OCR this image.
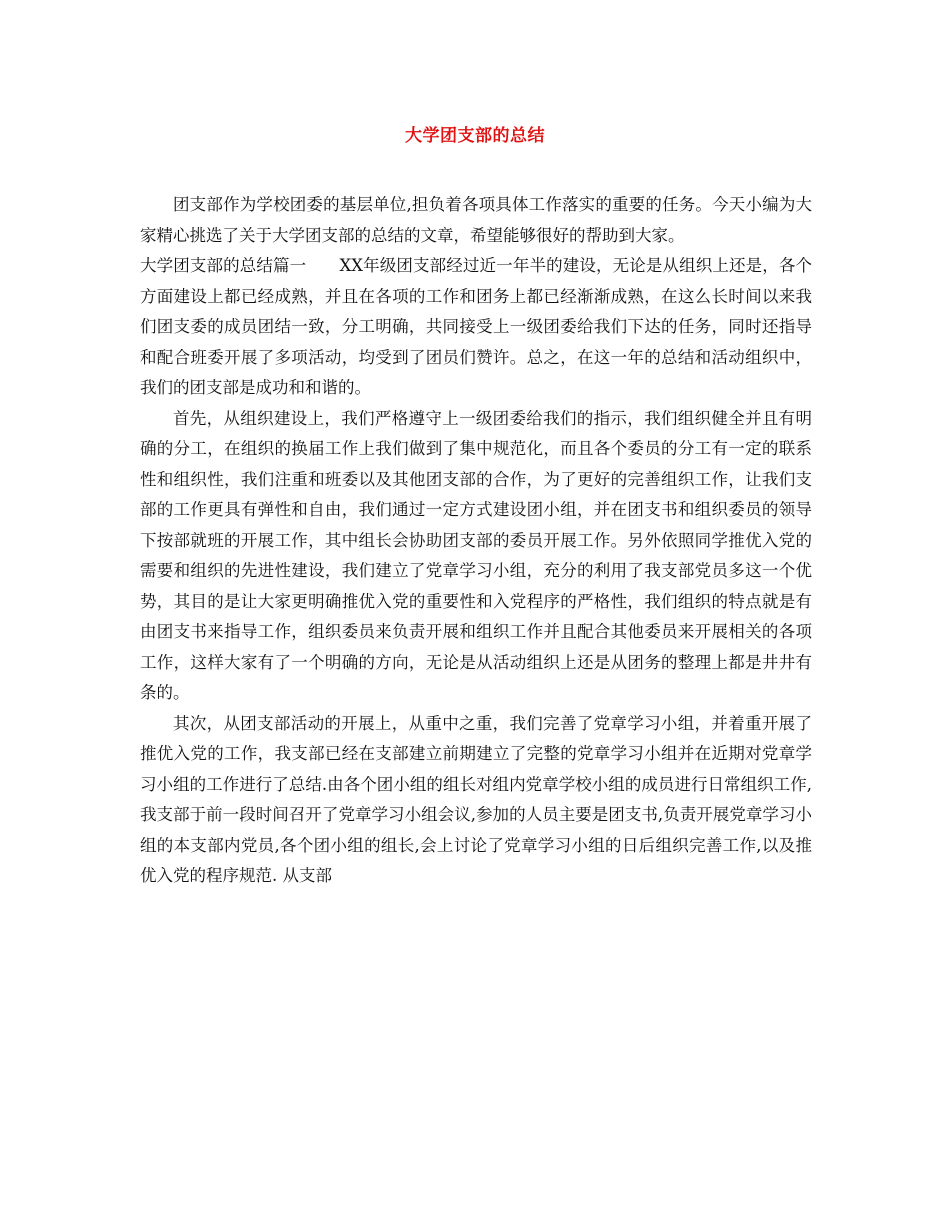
大学团支部的总结

团支部作为学校团委的基层单位,担负着各项具体工作落实的重要的任务。今天小编为大家精心挑选了关于大学团支部的总结的文章，希望能够很好的帮助到大家。

大学团支部的总结篇一　　XX年级团支部经过近一年半的建设，无论是从组织上还是，各个方面建设上都已经成熟，并且在各项的工作和团务上都已经渐渐成熟，在这么长时间以来我们团支委的成员团结一致，分工明确，共同接受上一级团委给我们下达的任务，同时还指导和配合班委开展了多项活动，均受到了团员们赞许。总之，在这一年的总结和活动组织中，我们的团支部是成功和和谐的。

首先，从组织建设上，我们严格遵守上一级团委给我们的指示，我们组织健全并且有明确的分工，在组织的换届工作上我们做到了集中规范化，而且各个委员的分工有一定的联系性和组织性，我们注重和班委以及其他团支部的合作，为了更好的完善组织工作，让我们支部的工作更具有弹性和自由，我们通过一定方式建设团小组，并在团支书和组织委员的领导下按部就班的开展工作，其中组长会协助团支部的委员开展工作。另外依照同学推优入党的需要和组织的先进性建设，我们建立了党章学习小组，充分的利用了我支部党员多这一个优势，其目的是让大家更明确推优入党的重要性和入党程序的严格性，我们组织的特点就是有由团支书来指导工作，组织委员来负责开展和组织工作并且配合其他委员来开展相关的各项工作，这样大家有了一个明确的方向，无论是从活动组织上还是从团务的整理上都是井井有条的。

其次，从团支部活动的开展上，从重中之重，我们完善了党章学习小组，并着重开展了推优入党的工作，我支部已经在支部建立前期建立了完整的党章学习小组并在近期对党章学习小组的工作进行了总结.由各个团小组的组长对组内党章学校小组的成员进行日常组织工作,我支部于前一段时间召开了党章学习小组会议,参加的人员主要是团支书,负责开展党章学习小组的本支部内党员,各个团小组的组长,会上讨论了党章学习小组的日后组织完善工作,以及推优入党的程序规范. 从支部
